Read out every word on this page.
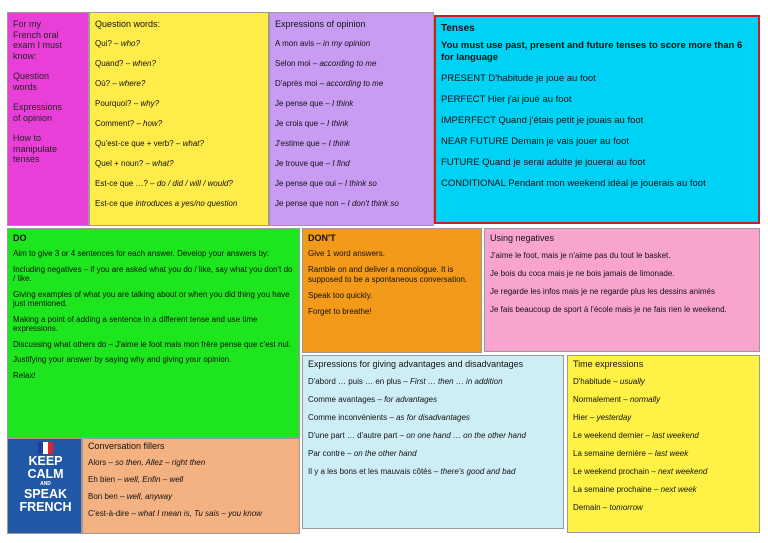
For my

French oral

exam I must

know:

Question

words

Expressions

of opinion

How to

manipulate

tenses

Question words:

Qui? – who?

Quand? – when?

Où? – where?

Pourquoi? – why?

Comment? – how?

Qu'est-ce que + verb? – what?

Quel + noun? – what?

Est-ce que …? – do / did / will / would?

Est-ce que introduces a yes/no question

Expressions of opinion

A mon avis – in my opinion

Selon moi – according to me

D'après moi – according to me

Je pense que – I think

Je crois que – I think

J'estime que – I think

Je trouve que – I find

Je pense que oui – I think so

Je pense que non – I don't think so

Tenses

You must use past, present and future tenses to score more than 6 for language

PRESENT D'habitude je joue au foot

PERFECT Hier j'ai joué au foot

IMPERFECT Quand j'étais petit je jouais au foot

NEAR FUTURE Demain je vais jouer au foot

FUTURE Quand je serai adulte je jouerai au foot

CONDITIONAL Pendant mon weekend idéal je jouerais au foot

DO

Aim to give 3 or 4 sentences for each answer. Develop your answers by:

Including negatives – if you are asked what you do / like, say what you don't do / like.

Giving examples of what you are talking about or when you did thing you have just mentioned.

Making a point of adding a sentence in a different tense and use time expressions.

Discussing what others do – J'aime le foot mais mon frère pense que c'est nul.

Justifying your answer by saying why and giving your opinion.

Relax!

DON'T

Give 1 word answers.

Ramble on and deliver a monologue. It is supposed to be a spontaneous conversation.

Speak too quickly.

Forget to breathe!

Using negatives

J'aime le foot, mais je n'aime pas du tout le basket.

Je bois du coca mais je ne bois jamais de limonade.

Je regarde les infos mais je ne regarde plus les dessins animés

Je fais beaucoup de sport à l'école mais je ne fais rien le weekend.

KEEP
CALM
AND
SPEAK
FRENCH

Conversation fillers

Alors – so then, Allez – right then

Eh bien – well, Enfin – well

Bon ben – well, anyway

C'est-à-dire – what I mean is, Tu sais – you know

Expressions for giving advantages and disadvantages

D'abord … puis … en plus – First … then … in addition

Comme avantages – for advantages

Comme inconvénients – as for disadvantages

D'une part … d'autre part – on one hand … on the other hand

Par contre – on the other hand

Il y a les bons et les mauvais côtés – there's good and bad

Time expressions

D'habitude – usually

Normalement – normally

Hier – yesterday

Le weekend dernier – last weekend

La semaine dernière – last week

Le weekend prochain – next weekend

La semaine prochaine – next week

Demain – tomorrow
